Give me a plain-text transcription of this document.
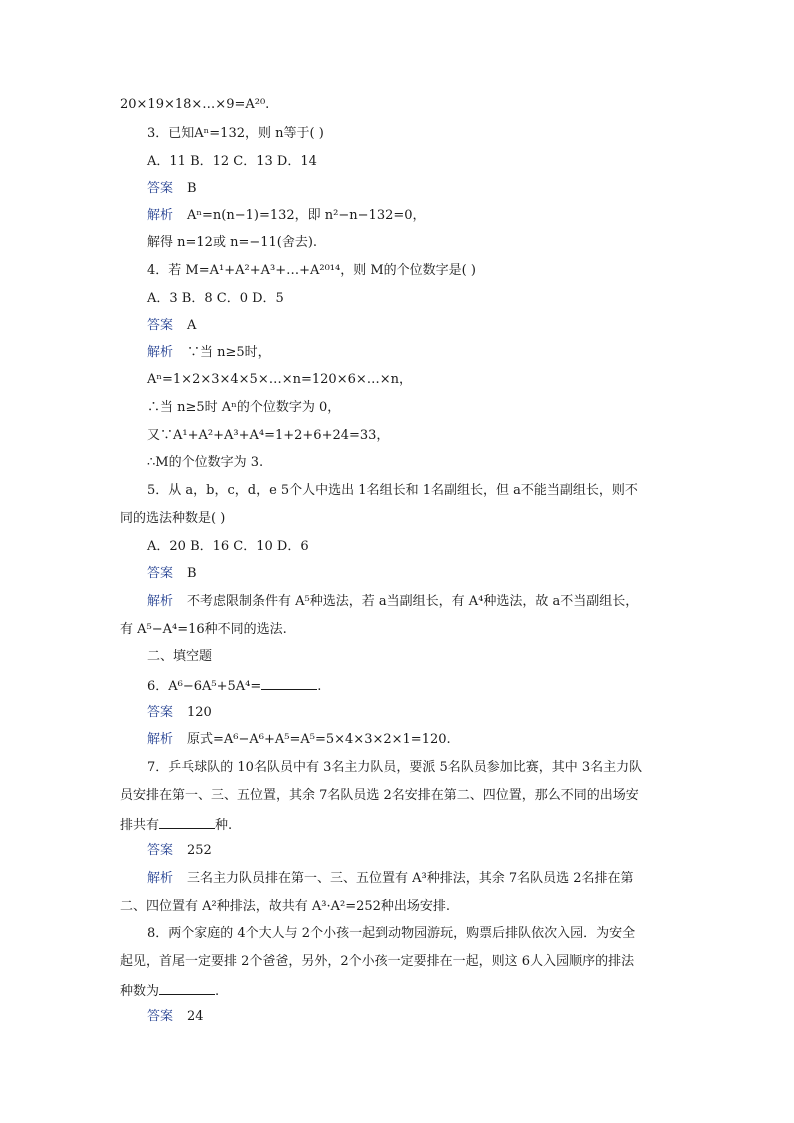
20×19×18×…×9=A²⁰.
3．已知Aⁿ=132，则 n等于( )
A．11 B．12 C．13 D．14
答案 B
解析 Aⁿ=n(n−1)=132，即 n²−n−132=0，
解得 n=12或 n=−11(舍去).
4．若 M=A¹+A²+A³+…+A²⁰¹⁴，则 M的个位数字是( )
A．3 B．8 C．0 D．5
答案 A
解析 ∵当 n≥5时，
Aⁿ=1×2×3×4×5×…×n=120×6×…×n，
∴当 n≥5时 Aⁿ的个位数字为 0，
又∵A¹+A²+A³+A⁴=1+2+6+24=33，
∴M的个位数字为 3.
5．从 a，b，c，d，e 5个人中选出 1名组长和 1名副组长，但 a不能当副组长，则不
同的选法种数是( )
A．20 B．16 C．10 D．6
答案 B
解析 不考虑限制条件有 A⁵种选法，若 a当副组长，有 A⁴种选法，故 a不当副组长，
有 A⁵−A⁴=16种不同的选法.
二、填空题
6．A⁶−6A⁵+5A⁴=	.
答案 120
解析 原式=A⁶−A⁶+A⁵=A⁵=5×4×3×2×1=120.
7．乒乓球队的 10名队员中有 3名主力队员，要派 5名队员参加比赛，其中 3名主力队
员安排在第一、三、五位置，其余 7名队员选 2名安排在第二、四位置，那么不同的出场安
排共有	种.
答案 252
解析 三名主力队员排在第一、三、五位置有 A³种排法，其余 7名队员选 2名排在第
二、四位置有 A²种排法，故共有 A³·A²=252种出场安排.
8．两个家庭的 4个大人与 2个小孩一起到动物园游玩，购票后排队依次入园．为安全
起见，首尾一定要排 2个爸爸，另外，2个小孩一定要排在一起，则这 6人入园顺序的排法
种数为	.
答案 24
